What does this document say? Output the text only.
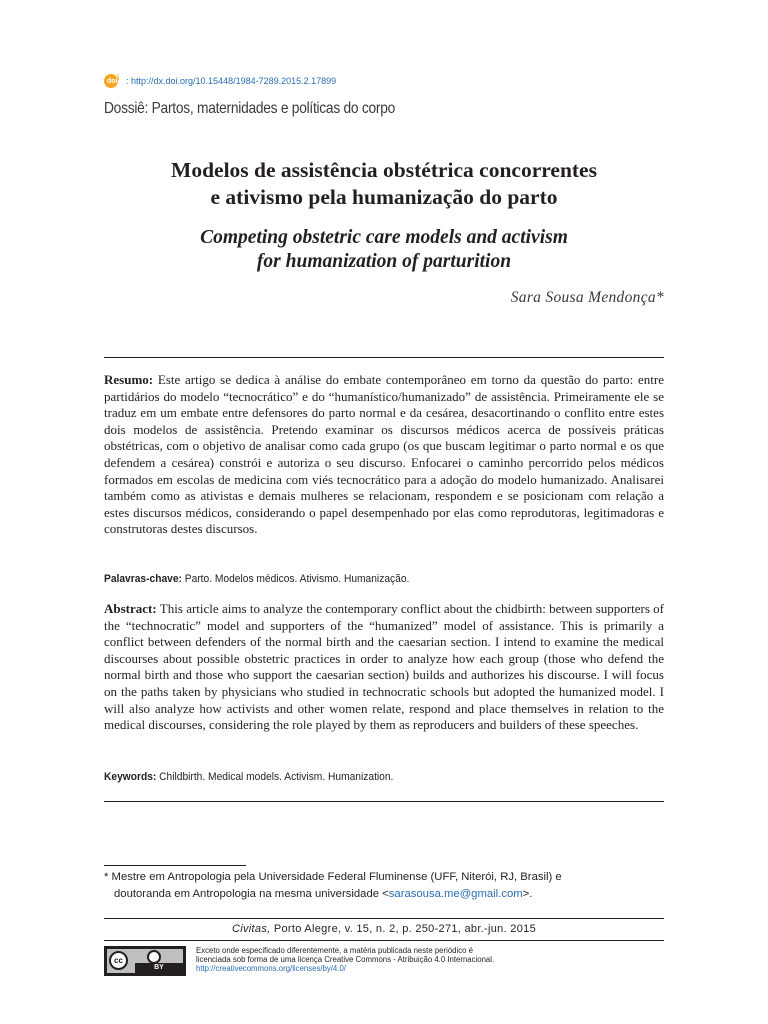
doi i : http://dx.doi.org/10.15448/1984-7289.2015.2.17899
Dossiê: Partos, maternidades e políticas do corpo
Modelos de assistência obstétrica concorrentes
e ativismo pela humanização do parto
Competing obstetric care models and activism
for humanization of parturition
Sara Sousa Mendonça*
Resumo: Este artigo se dedica à análise do embate contemporâneo em torno da questão do parto: entre partidários do modelo “tecnocrático” e do “humanístico/humanizado” de assistência. Primeiramente ele se traduz em um embate entre defensores do parto normal e da cesárea, desacortinando o conflito entre estes dois modelos de assistência. Pretendo examinar os discursos médicos acerca de possíveis práticas obstétricas, com o objetivo de analisar como cada grupo (os que buscam legitimar o parto normal e os que defendem a cesárea) constrói e autoriza o seu discurso. Enfocarei o caminho percorrido pelos médicos formados em escolas de medicina com viés tecnocrático para a adoção do modelo humanizado. Analisarei também como as ativistas e demais mulheres se relacionam, respondem e se posicionam com relação a estes discursos médicos, considerando o papel desempenhado por elas como reprodutoras, legitimadoras e construtoras destes discursos.
Palavras-chave: Parto. Modelos médicos. Ativismo. Humanização.
Abstract: This article aims to analyze the contemporary conflict about the chidbirth: between supporters of the “technocratic” model and supporters of the “humanized” model of assistance. This is primarily a conflict between defenders of the normal birth and the caesarian section. I intend to examine the medical discourses about possible obstetric practices in order to analyze how each group (those who defend the normal birth and those who support the caesarian section) builds and authorizes his discourse. I will focus on the paths taken by physicians who studied in technocratic schools but adopted the humanized model. I will also analyze how activists and other women relate, respond and place themselves in relation to the medical discourses, considering the role played by them as reproducers and builders of these speeches.
Keywords: Childbirth. Medical models. Activism. Humanization.
* Mestre em Antropologia pela Universidade Federal Fluminense (UFF, Niterói, RJ, Brasil) e
doutoranda em Antropologia na mesma universidade <sarasousa.me@gmail.com>.
Civitas, Porto Alegre, v. 15, n. 2, p. 250-271, abr.-jun. 2015
cc
BY
Exceto onde especificado diferentemente, a matéria publicada neste periódico é
licenciada sob forma de uma licença Creative Commons - Atribuição 4.0 Internacional.
http://creativecommons.org/licenses/by/4.0/
